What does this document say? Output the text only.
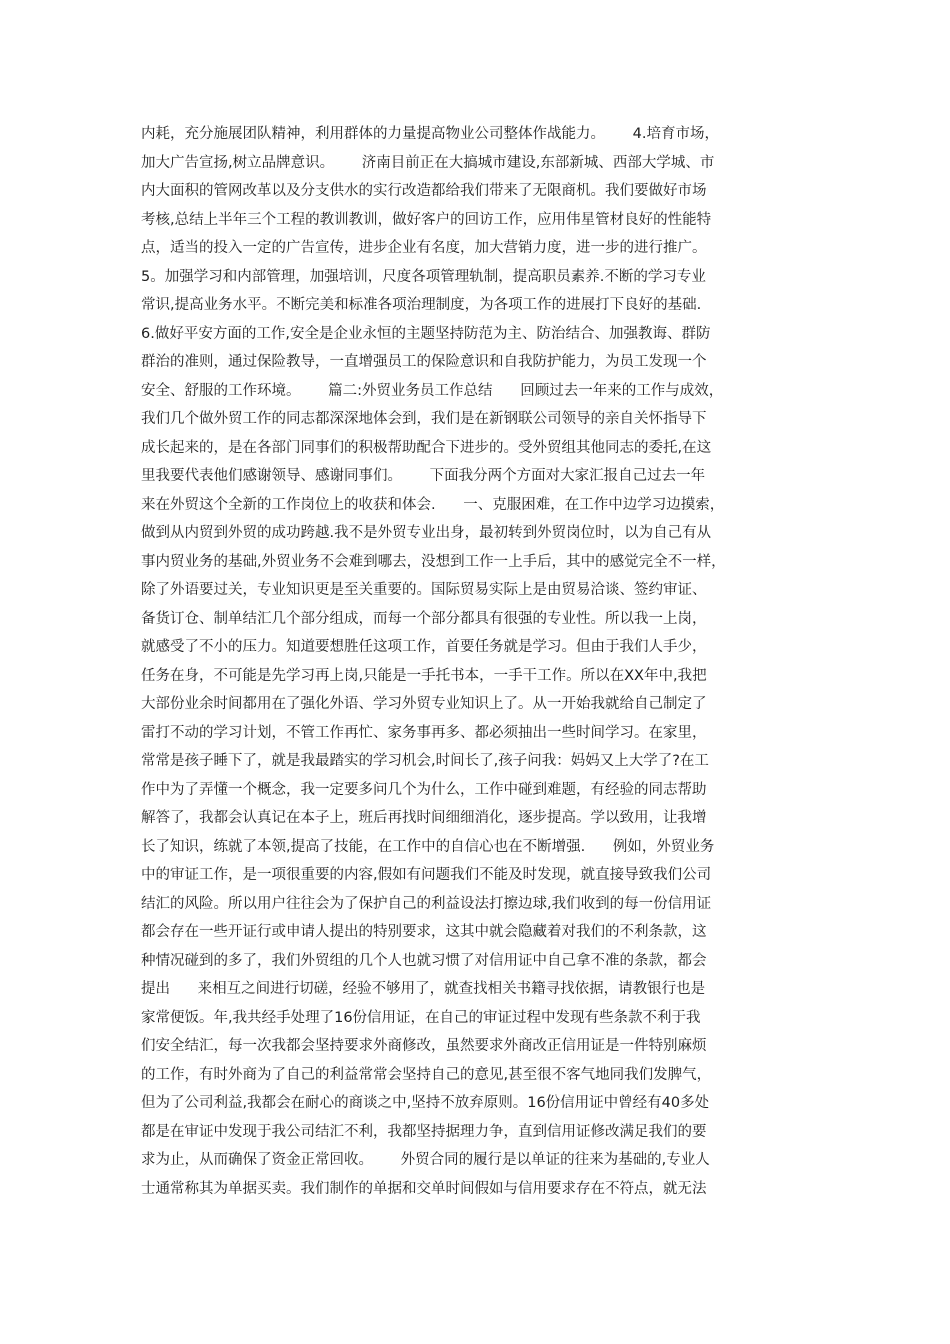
内耗，充分施展团队精神，利用群体的力量提高物业公司整体作战能力。      4.培育市场，
加大广告宣扬,树立品牌意识。      济南目前正在大搞城市建设,东部新城、西部大学城、市
内大面积的管网改革以及分支供水的实行改造都给我们带来了无限商机。我们要做好市场
考核,总结上半年三个工程的教训教训，做好客户的回访工作，应用伟星管材良好的性能特
点，适当的投入一定的广告宣传，进步企业有名度，加大营销力度，进一步的进行推广。
5。加强学习和内部管理，加强培训，尺度各项管理轨制，提高职员素养.不断的学习专业
常识,提高业务水平。不断完美和标准各项治理制度，为各项工作的进展打下良好的基础.
6.做好平安方面的工作,安全是企业永恒的主题坚持防范为主、防治结合、加强教诲、群防
群治的准则，通过保险教导，一直增强员工的保险意识和自我防护能力，为员工发现一个
安全、舒服的工作环境。      篇二:外贸业务员工作总结      回顾过去一年来的工作与成效，
我们几个做外贸工作的同志都深深地体会到，我们是在新钢联公司领导的亲自关怀指导下
成长起来的，是在各部门同事们的积极帮助配合下进步的。受外贸组其他同志的委托,在这
里我要代表他们感谢领导、感谢同事们。      下面我分两个方面对大家汇报自己过去一年
来在外贸这个全新的工作岗位上的收获和体会.      一、克服困难，在工作中边学习边摸索，
做到从内贸到外贸的成功跨越.我不是外贸专业出身，最初转到外贸岗位时，以为自己有从
事内贸业务的基础,外贸业务不会难到哪去，没想到工作一上手后，其中的感觉完全不一样，
除了外语要过关，专业知识更是至关重要的。国际贸易实际上是由贸易洽谈、签约审证、
备货订仓、制单结汇几个部分组成，而每一个部分都具有很强的专业性。所以我一上岗，
就感受了不小的压力。知道要想胜任这项工作，首要任务就是学习。但由于我们人手少，
任务在身，不可能是先学习再上岗,只能是一手托书本，一手干工作。所以在XX年中,我把
大部份业余时间都用在了强化外语、学习外贸专业知识上了。从一开始我就给自己制定了
雷打不动的学习计划，不管工作再忙、家务事再多、都必须抽出一些时间学习。在家里，
常常是孩子睡下了，就是我最踏实的学习机会,时间长了,孩子问我：妈妈又上大学了?在工
作中为了弄懂一个概念，我一定要多问几个为什么，工作中碰到难题，有经验的同志帮助
解答了，我都会认真记在本子上，班后再找时间细细消化，逐步提高。学以致用，让我增
长了知识，练就了本领,提高了技能，在工作中的自信心也在不断增强.      例如，外贸业务
中的审证工作，是一项很重要的内容,假如有问题我们不能及时发现，就直接导致我们公司
结汇的风险。所以用户往往会为了保护自己的利益设法打擦边球,我们收到的每一份信用证
都会存在一些开证行或申请人提出的特别要求，这其中就会隐藏着对我们的不利条款，这
种情况碰到的多了，我们外贸组的几个人也就习惯了对信用证中自己拿不准的条款，都会
提出      来相互之间进行切磋，经验不够用了，就查找相关书籍寻找依据，请教银行也是
家常便饭。年,我共经手处理了16份信用证，在自己的审证过程中发现有些条款不利于我
们安全结汇，每一次我都会坚持要求外商修改，虽然要求外商改正信用证是一件特别麻烦
的工作，有时外商为了自己的利益常常会坚持自己的意见,甚至很不客气地同我们发脾气，
但为了公司利益,我都会在耐心的商谈之中,坚持不放弃原则。16份信用证中曾经有40多处
都是在审证中发现于我公司结汇不利，我都坚持据理力争，直到信用证修改满足我们的要
求为止，从而确保了资金正常回收。      外贸合同的履行是以单证的往来为基础的,专业人
士通常称其为单据买卖。我们制作的单据和交单时间假如与信用要求存在不符点，就无法
